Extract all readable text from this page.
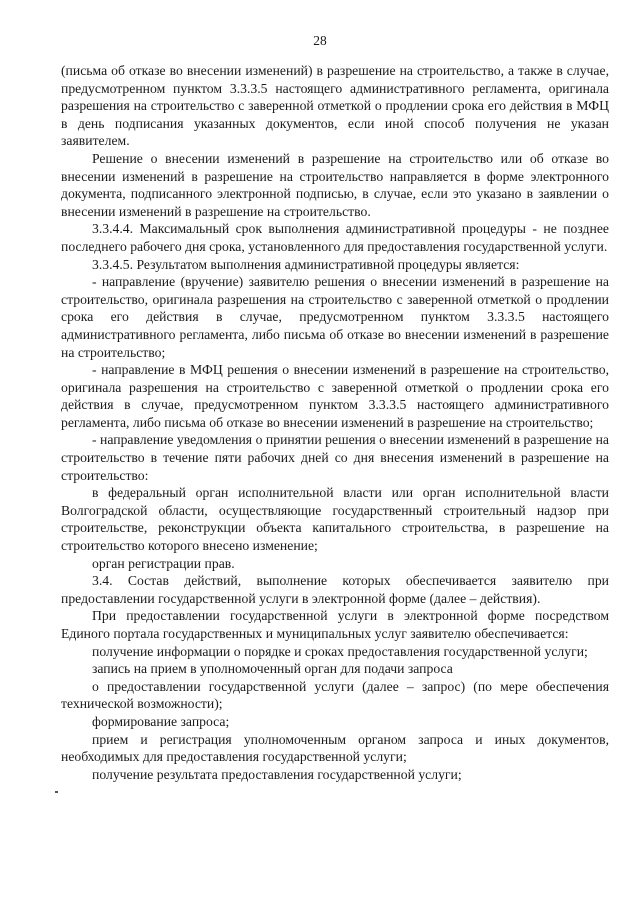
28

(письма об отказе во внесении изменений) в разрешение на строительство, а также в случае, предусмотренном пунктом 3.3.3.5 настоящего административного регламента, оригинала разрешения на строительство с заверенной отметкой о продлении срока его действия в МФЦ в день подписания указанных документов, если иной способ получения не указан заявителем.

Решение о внесении изменений в разрешение на строительство или об отказе во внесении изменений в разрешение на строительство направляется в форме электронного документа, подписанного электронной подписью, в случае, если это указано в заявлении о внесении изменений в разрешение на строительство.

3.3.4.4. Максимальный срок выполнения административной процедуры - не позднее последнего рабочего дня срока, установленного для предоставления государственной услуги.

3.3.4.5. Результатом выполнения административной процедуры является:

- направление (вручение) заявителю решения о внесении изменений в разрешение на строительство, оригинала разрешения на строительство с заверенной отметкой о продлении срока его действия в случае, предусмотренном пунктом 3.3.3.5 настоящего административного регламента, либо письма об отказе во внесении изменений в разрешение на строительство;

- направление в МФЦ решения о внесении изменений в разрешение на строительство, оригинала разрешения на строительство с заверенной отметкой о продлении срока его действия в случае, предусмотренном пунктом 3.3.3.5 настоящего административного регламента, либо письма об отказе во внесении изменений в разрешение на строительство;

- направление уведомления о принятии решения о внесении изменений в разрешение на строительство в течение пяти рабочих дней со дня внесения изменений в разрешение на строительство:

в федеральный орган исполнительной власти или орган исполнительной власти Волгоградской области, осуществляющие государственный строительный надзор при строительстве, реконструкции объекта капитального строительства, в разрешение на строительство которого внесено изменение;

орган регистрации прав.

3.4. Состав действий, выполнение которых обеспечивается заявителю при предоставлении государственной услуги в электронной форме (далее – действия).

При предоставлении государственной услуги в электронной форме посредством Единого портала государственных и муниципальных услуг заявителю обеспечивается:

получение информации о порядке и сроках предоставления государственной услуги;

запись на прием в уполномоченный орган для подачи запроса

о предоставлении государственной услуги (далее – запрос) (по мере обеспечения технической возможности);

формирование запроса;

прием и регистрация уполномоченным органом запроса и иных документов, необходимых для предоставления государственной услуги;

получение результата предоставления государственной услуги;
